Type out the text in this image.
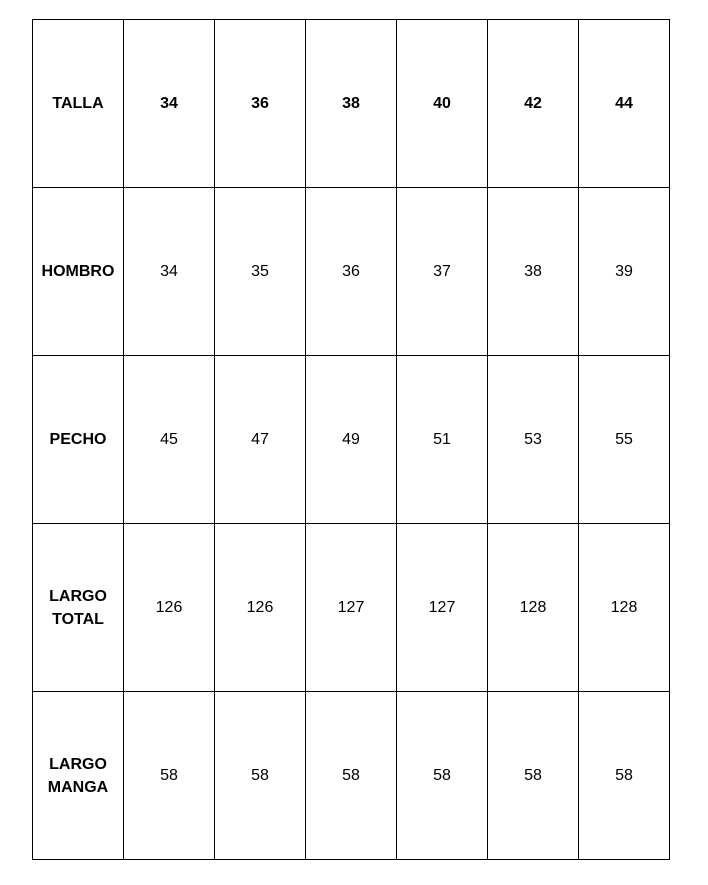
TALLA	34	36	38	40	42	44

HOMBRO	34	35	36	37	38	39

PECHO	45	47	49	51	53	55

LARGO
TOTAL	126	126	127	127	128	128

LARGO
MANGA	58	58	58	58	58	58
